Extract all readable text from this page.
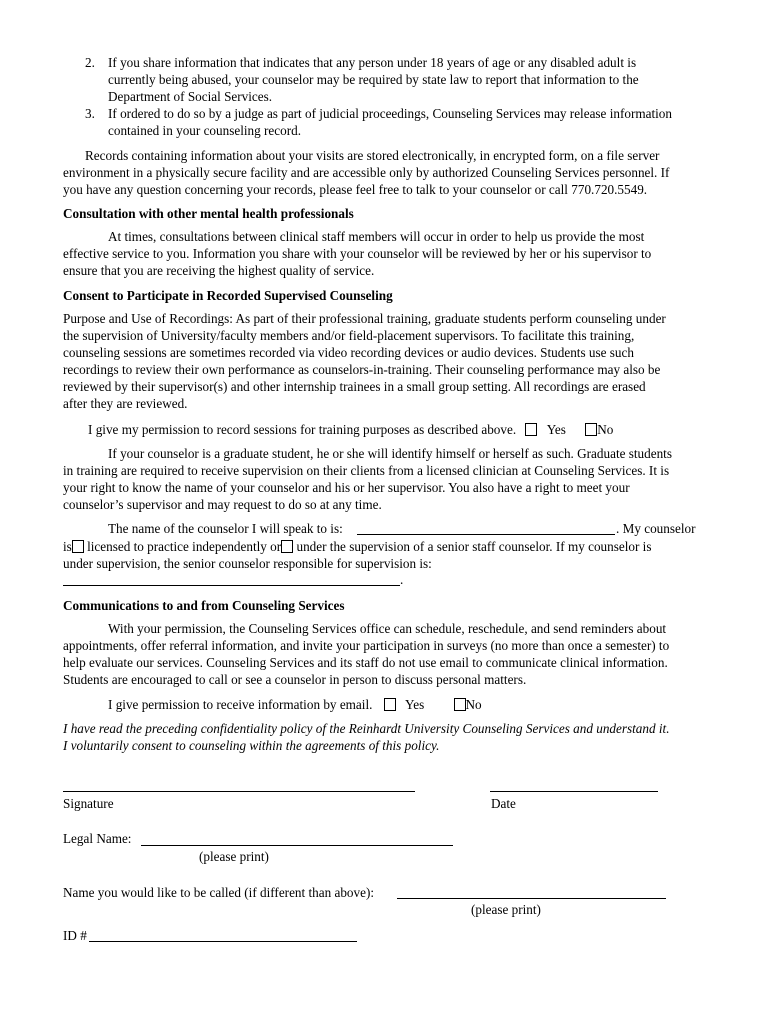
2. If you share information that indicates that any person under 18 years of age or any disabled adult is
currently being abused, your counselor may be required by state law to report that information to the
Department of Social Services.
3. If ordered to do so by a judge as part of judicial proceedings, Counseling Services may release information
contained in your counseling record.
Records containing information about your visits are stored electronically, in encrypted form, on a file server
environment in a physically secure facility and are accessible only by authorized Counseling Services personnel. If
you have any question concerning your records, please feel free to talk to your counselor or call 770.720.5549.
Consultation with other mental health professionals
At times, consultations between clinical staff members will occur in order to help us provide the most
effective service to you. Information you share with your counselor will be reviewed by her or his supervisor to
ensure that you are receiving the highest quality of service.
Consent to Participate in Recorded Supervised Counseling
Purpose and Use of Recordings: As part of their professional training, graduate students perform counseling under
the supervision of University/faculty members and/or field-placement supervisors. To facilitate this training,
counseling sessions are sometimes recorded via video recording devices or audio devices. Students use such
recordings to review their own performance as counselors-in-training. Their counseling performance may also be
reviewed by their supervisor(s) and other internship trainees in a small group setting. All recordings are erased
after they are reviewed.
I give my permission to record sessions for training purposes as described above. Yes No
If your counselor is a graduate student, he or she will identify himself or herself as such. Graduate students
in training are required to receive supervision on their clients from a licensed clinician at Counseling Services. It is
your right to know the name of your counselor and his or her supervisor. You also have a right to meet your
counselor’s supervisor and may request to do so at any time.
The name of the counselor I will speak to is:	. My counselor
is licensed to practice independently or under the supervision of a senior staff counselor. If my counselor is
under supervision, the senior counselor responsible for supervision is:
.
Communications to and from Counseling Services
With your permission, the Counseling Services office can schedule, reschedule, and send reminders about
appointments, offer referral information, and invite your participation in surveys (no more than once a semester) to
help evaluate our services. Counseling Services and its staff do not use email to communicate clinical information.
Students are encouraged to call or see a counselor in person to discuss personal matters.
I give permission to receive information by email. Yes	No
I have read the preceding confidentiality policy of the Reinhardt University Counseling Services and understand it.
I voluntarily consent to counseling within the agreements of this policy.
Signature	Date
Legal Name:
(please print)
Name you would like to be called (if different than above):
(please print)
ID #
